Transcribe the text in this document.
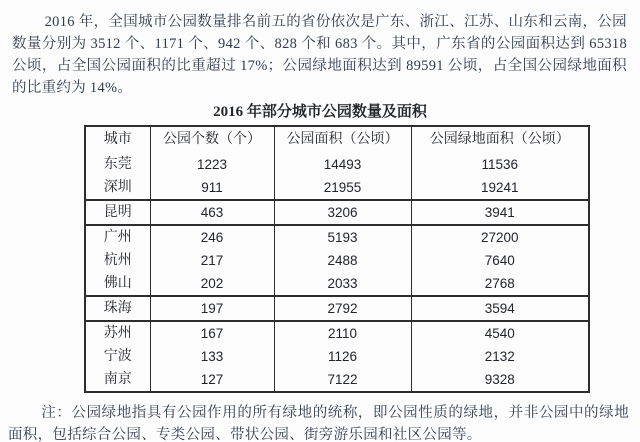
2016 年，全国城市公园数量排名前五的省份依次是广东、浙江、江苏、山东和云南，公园数量分别为 3512 个、1171 个、942 个、828 个和 683 个。其中，广东省的公园面积达到 65318 公顷，占全国公园面积的比重超过 17%；公园绿地面积达到 89591 公顷，占全国公园绿地面积的比重约为 14%。

2016 年部分城市公园数量及面积
城市	公园个数（个）	公园面积（公顷）	公园绿地面积（公顷）
东莞	1223	14493	11536
深圳	911	21955	19241
昆明	463	3206	3941
广州	246	5193	27200
杭州	217	2488	7640
佛山	202	2033	2768
珠海	197	2792	3594
苏州	167	2110	4540
宁波	133	1126	2132
南京	127	7122	9328

注：公园绿地指具有公园作用的所有绿地的统称，即公园性质的绿地，并非公园中的绿地面积，包括综合公园、专类公园、带状公园、街旁游乐园和社区公园等。
